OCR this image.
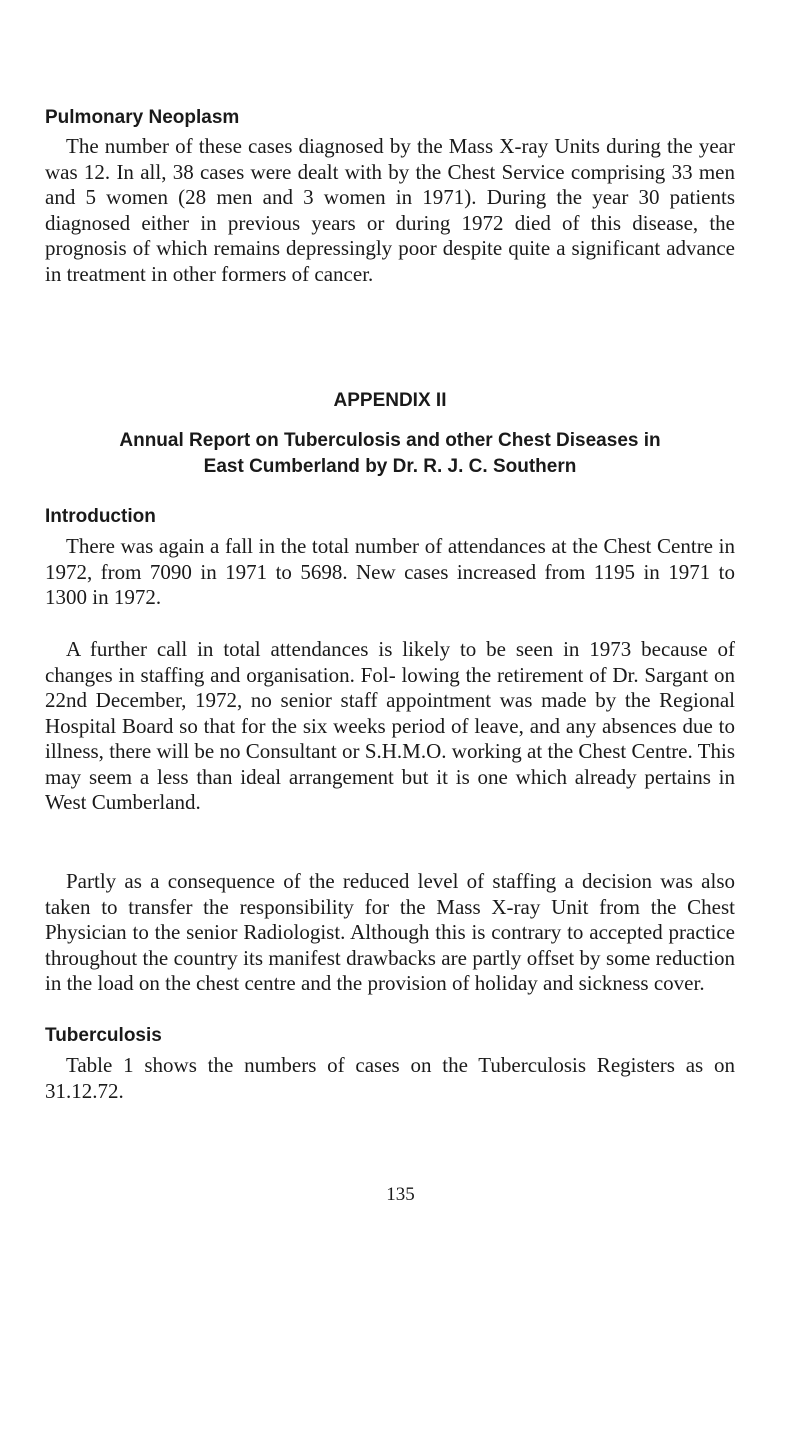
Pulmonary Neoplasm

The number of these cases diagnosed by the Mass X-ray Units during the year was 12. In all, 38 cases were dealt with by the Chest Service comprising 33 men and 5 women (28 men and 3 women in 1971). During the year 30 patients diagnosed either in previous years or during 1972 died of this disease, the prognosis of which remains depressingly poor despite quite a significant advance in treatment in other formers of cancer.

APPENDIX II
Annual Report on Tuberculosis and other Chest Diseases in
East Cumberland by Dr. R. J. C. Southern
Introduction

There was again a fall in the total number of attendances at the Chest Centre in 1972, from 7090 in 1971 to 5698. New cases increased from 1195 in 1971 to 1300 in 1972.

A further call in total attendances is likely to be seen in 1973 because of changes in staffing and organisation. Fol- lowing the retirement of Dr. Sargant on 22nd December, 1972, no senior staff appointment was made by the Regional Hospital Board so that for the six weeks period of leave, and any absences due to illness, there will be no Consultant or S.H.M.O. working at the Chest Centre. This may seem a less than ideal arrangement but it is one which already pertains in West Cumberland.

Partly as a consequence of the reduced level of staffing a decision was also taken to transfer the responsibility for the Mass X-ray Unit from the Chest Physician to the senior Radiologist. Although this is contrary to accepted practice throughout the country its manifest drawbacks are partly offset by some reduction in the load on the chest centre and the provision of holiday and sickness cover.

Tuberculosis

Table 1 shows the numbers of cases on the Tuberculosis Registers as on 31.12.72.

135
